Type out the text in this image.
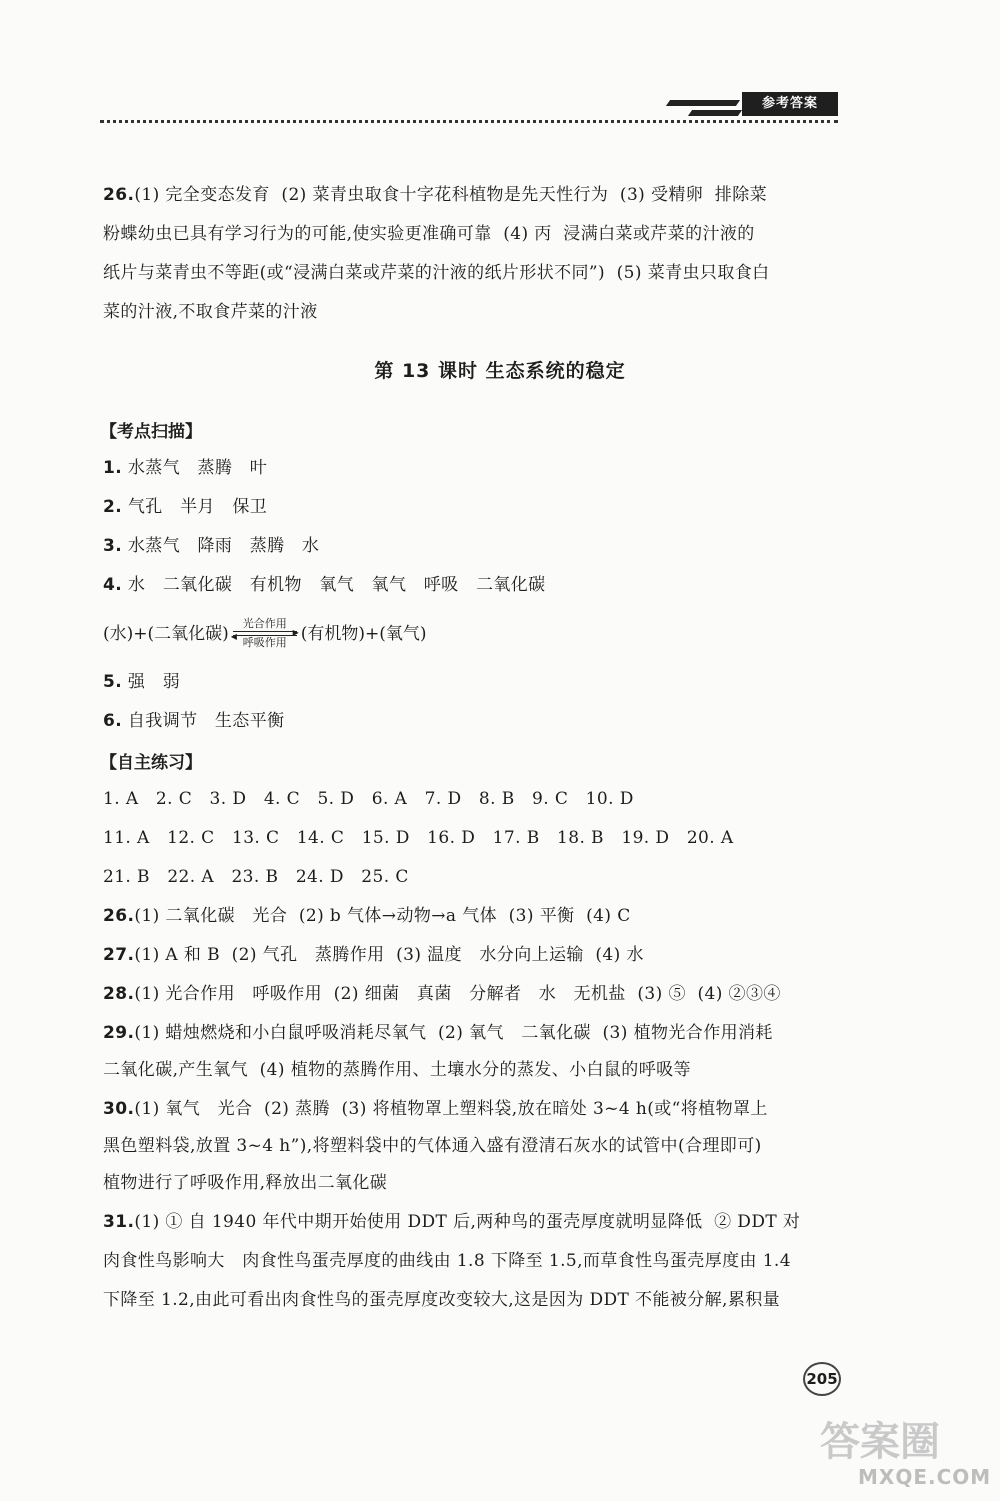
参考答案
26.(1) 完全变态发育  (2) 菜青虫取食十字花科植物是先天性行为  (3) 受精卵  排除菜
粉蝶幼虫已具有学习行为的可能,使实验更准确可靠  (4) 丙  浸满白菜或芹菜的汁液的
纸片与菜青虫不等距(或“浸满白菜或芹菜的汁液的纸片形状不同”)  (5) 菜青虫只取食白
菜的汁液,不取食芹菜的汁液
第 13 课时 生态系统的稳定
【考点扫描】
1. 水蒸气   蒸腾   叶
2. 气孔   半月   保卫
3. 水蒸气   降雨   蒸腾   水
4. 水   二氧化碳   有机物   氧气   氧气   呼吸   二氧化碳
(水)+(二氧化碳) 光合作用
▶
◀ 呼吸作用 (有机物)+(氧气)
5. 强   弱
6. 自我调节   生态平衡
【自主练习】
1. A   2. C   3. D   4. C   5. D   6. A   7. D   8. B   9. C   10. D
11. A   12. C   13. C   14. C   15. D   16. D   17. B   18. B   19. D   20. A
21. B   22. A   23. B   24. D   25. C
26.(1) 二氧化碳   光合  (2) b 气体→动物→a 气体  (3) 平衡  (4) C
27.(1) A 和 B  (2) 气孔   蒸腾作用  (3) 温度   水分向上运输  (4) 水
28.(1) 光合作用   呼吸作用  (2) 细菌   真菌   分解者   水   无机盐  (3) ⑤  (4) ②③④
29.(1) 蜡烛燃烧和小白鼠呼吸消耗尽氧气  (2) 氧气   二氧化碳  (3) 植物光合作用消耗
二氧化碳,产生氧气  (4) 植物的蒸腾作用、土壤水分的蒸发、小白鼠的呼吸等
30.(1) 氧气   光合  (2) 蒸腾  (3) 将植物罩上塑料袋,放在暗处 3~4 h(或“将植物罩上
黑色塑料袋,放置 3~4 h”),将塑料袋中的气体通入盛有澄清石灰水的试管中(合理即可)
植物进行了呼吸作用,释放出二氧化碳
31.(1) ① 自 1940 年代中期开始使用 DDT 后,两种鸟的蛋壳厚度就明显降低  ② DDT 对
肉食性鸟影响大   肉食性鸟蛋壳厚度的曲线由 1.8 下降至 1.5,而草食性鸟蛋壳厚度由 1.4
下降至 1.2,由此可看出肉食性鸟的蛋壳厚度改变较大,这是因为 DDT 不能被分解,累积量
205
答案圈
MXQE.COM
